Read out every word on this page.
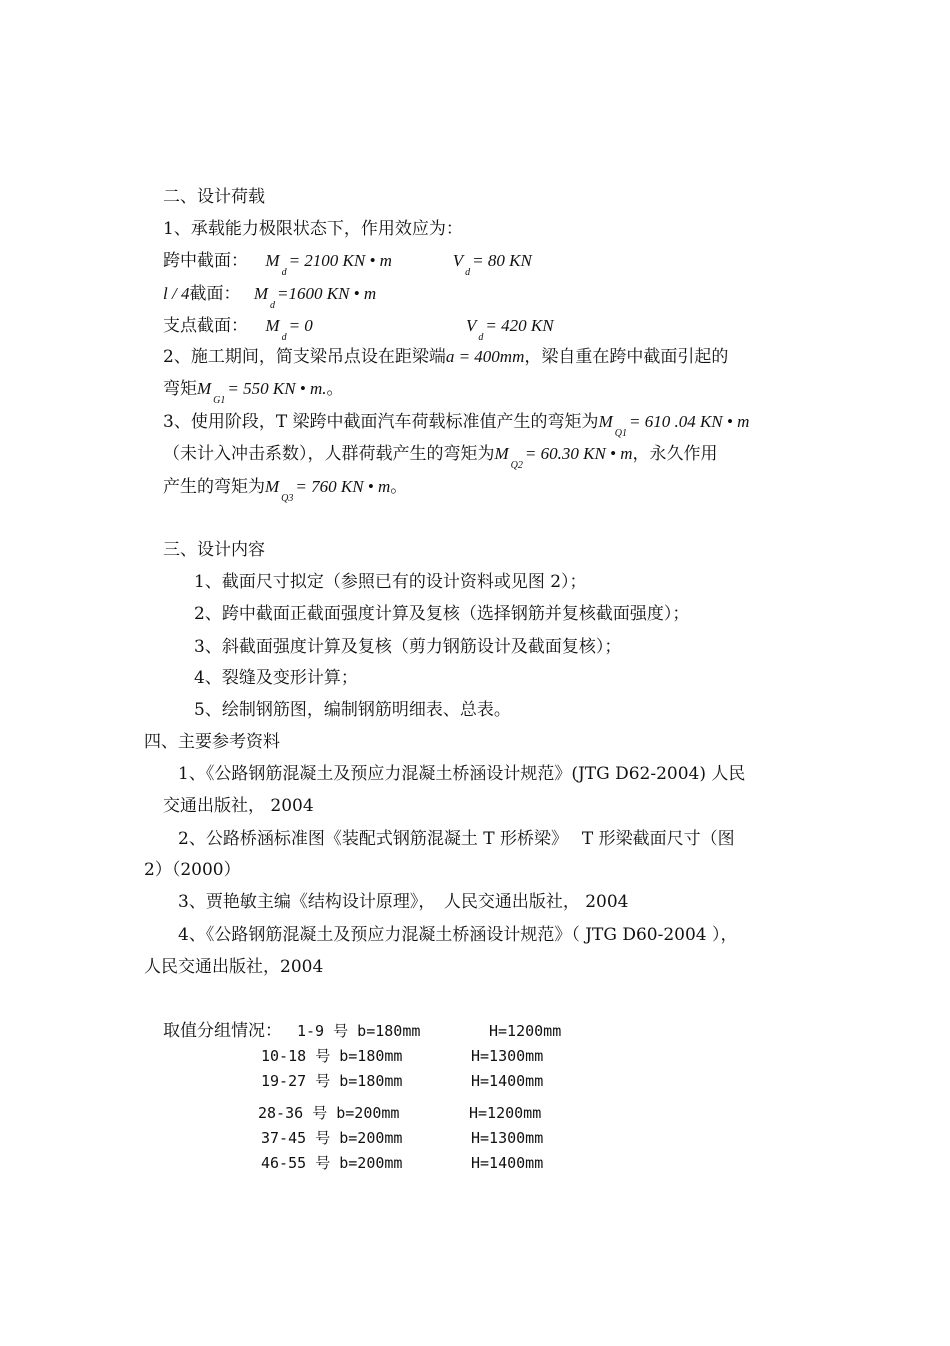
二、设计荷载
1、承载能力极限状态下，作用效应为：
跨中截面： $M_d= 2100$ KN • m	$V_d= 80$ KN
l / 4截面： $M_d=1600$ KN • m
支点截面： $M_d= 0$	$V_d= 420$ KN
2、施工期间，简支梁吊点设在距梁端a = 400mm，梁自重在跨中截面引起的
弯矩$M_{G1}= 550$ KN • m.。
3、使用阶段，T 梁跨中截面汽车荷载标准值产生的弯矩为$M_{Q1}= 610$ .04 KN • m
（未计入冲击系数），人群荷载产生的弯矩为$M_{Q2}= 60.30$ KN • m，永久作用
产生的弯矩为$M_{Q3}= 760$ KN • m。
三、设计内容
1、截面尺寸拟定（参照已有的设计资料或见图 2）；
2、跨中截面正截面强度计算及复核（选择钢筋并复核截面强度）；
3、斜截面强度计算及复核（剪力钢筋设计及截面复核）；
4、裂缝及变形计算；
5、绘制钢筋图，编制钢筋明细表、总表。
四、主要参考资料
1、《公路钢筋混凝土及预应力混凝土桥涵设计规范》(JTG D62-2004) 人民
交通出版社， 2004
2、公路桥涵标准图《装配式钢筋混凝土 T 形桥梁》　 T 形梁截面尺寸（图
2）（2000）
3、贾艳敏主编《结构设计原理》，　人民交通出版社， 2004
4、《公路钢筋混凝土及预应力混凝土桥涵设计规范》（ JTG D60-2004 ），
人民交通出版社，2004
取值分组情况： 1-9 号 b=180mm	H=1200mm
10-18 号 b=180mm	H=1300mm
19-27 号 b=180mm	H=1400mm
28-36 号 b=200mm	H=1200mm
37-45 号 b=200mm	H=1300mm
46-55 号 b=200mm	H=1400mm
